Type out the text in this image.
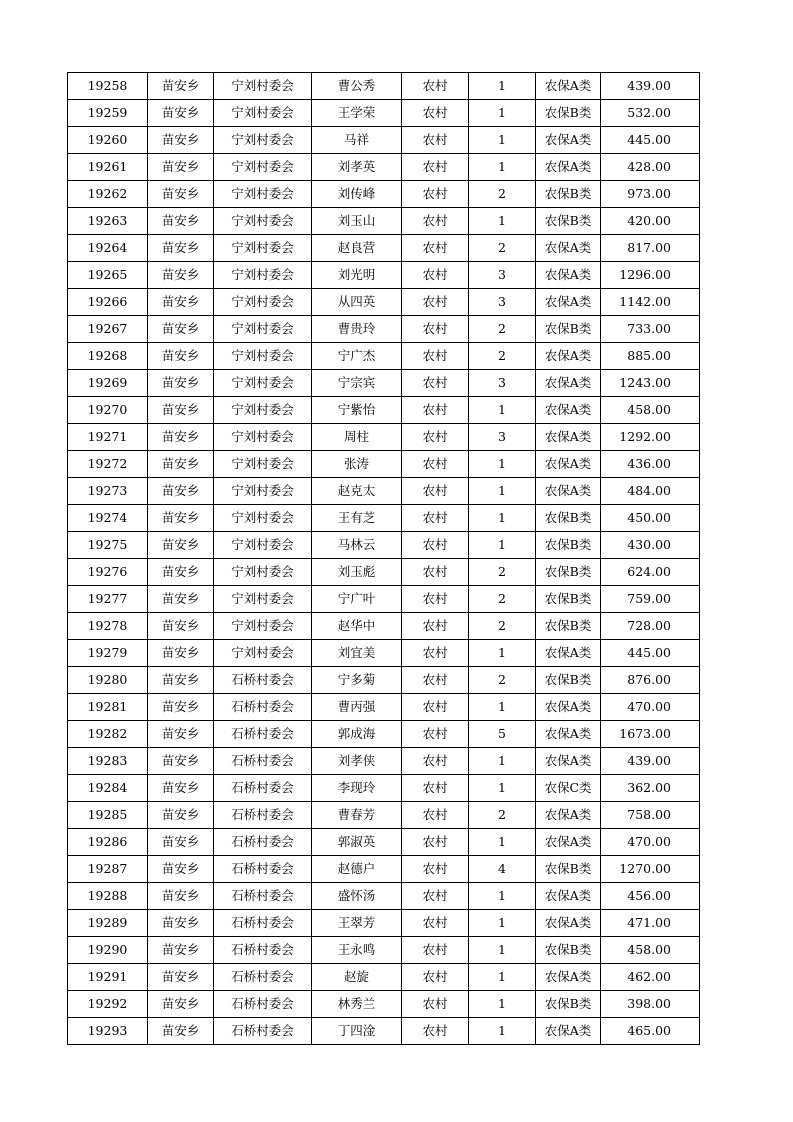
19258	苗安乡	宁刘村委会	曹公秀	农村	1	农保A类	439.00
19259	苗安乡	宁刘村委会	王学荣	农村	1	农保B类	532.00
19260	苗安乡	宁刘村委会	马祥	农村	1	农保A类	445.00
19261	苗安乡	宁刘村委会	刘孝英	农村	1	农保A类	428.00
19262	苗安乡	宁刘村委会	刘传峰	农村	2	农保B类	973.00
19263	苗安乡	宁刘村委会	刘玉山	农村	1	农保B类	420.00
19264	苗安乡	宁刘村委会	赵良营	农村	2	农保A类	817.00
19265	苗安乡	宁刘村委会	刘光明	农村	3	农保A类	1296.00
19266	苗安乡	宁刘村委会	从四英	农村	3	农保A类	1142.00
19267	苗安乡	宁刘村委会	曹贵玲	农村	2	农保B类	733.00
19268	苗安乡	宁刘村委会	宁广杰	农村	2	农保A类	885.00
19269	苗安乡	宁刘村委会	宁宗宾	农村	3	农保A类	1243.00
19270	苗安乡	宁刘村委会	宁紫怡	农村	1	农保A类	458.00
19271	苗安乡	宁刘村委会	周柱	农村	3	农保A类	1292.00
19272	苗安乡	宁刘村委会	张涛	农村	1	农保A类	436.00
19273	苗安乡	宁刘村委会	赵克太	农村	1	农保A类	484.00
19274	苗安乡	宁刘村委会	王有芝	农村	1	农保B类	450.00
19275	苗安乡	宁刘村委会	马林云	农村	1	农保B类	430.00
19276	苗安乡	宁刘村委会	刘玉彪	农村	2	农保B类	624.00
19277	苗安乡	宁刘村委会	宁广叶	农村	2	农保B类	759.00
19278	苗安乡	宁刘村委会	赵华中	农村	2	农保B类	728.00
19279	苗安乡	宁刘村委会	刘宜美	农村	1	农保A类	445.00
19280	苗安乡	石桥村委会	宁多菊	农村	2	农保B类	876.00
19281	苗安乡	石桥村委会	曹丙强	农村	1	农保A类	470.00
19282	苗安乡	石桥村委会	郭成海	农村	5	农保A类	1673.00
19283	苗安乡	石桥村委会	刘孝侠	农村	1	农保A类	439.00
19284	苗安乡	石桥村委会	李现玲	农村	1	农保C类	362.00
19285	苗安乡	石桥村委会	曹春芳	农村	2	农保A类	758.00
19286	苗安乡	石桥村委会	郭淑英	农村	1	农保A类	470.00
19287	苗安乡	石桥村委会	赵德户	农村	4	农保B类	1270.00
19288	苗安乡	石桥村委会	盛怀汤	农村	1	农保A类	456.00
19289	苗安乡	石桥村委会	王翠芳	农村	1	农保A类	471.00
19290	苗安乡	石桥村委会	王永鸣	农村	1	农保B类	458.00
19291	苗安乡	石桥村委会	赵旋	农村	1	农保A类	462.00
19292	苗安乡	石桥村委会	林秀兰	农村	1	农保B类	398.00
19293	苗安乡	石桥村委会	丁四淦	农村	1	农保A类	465.00
